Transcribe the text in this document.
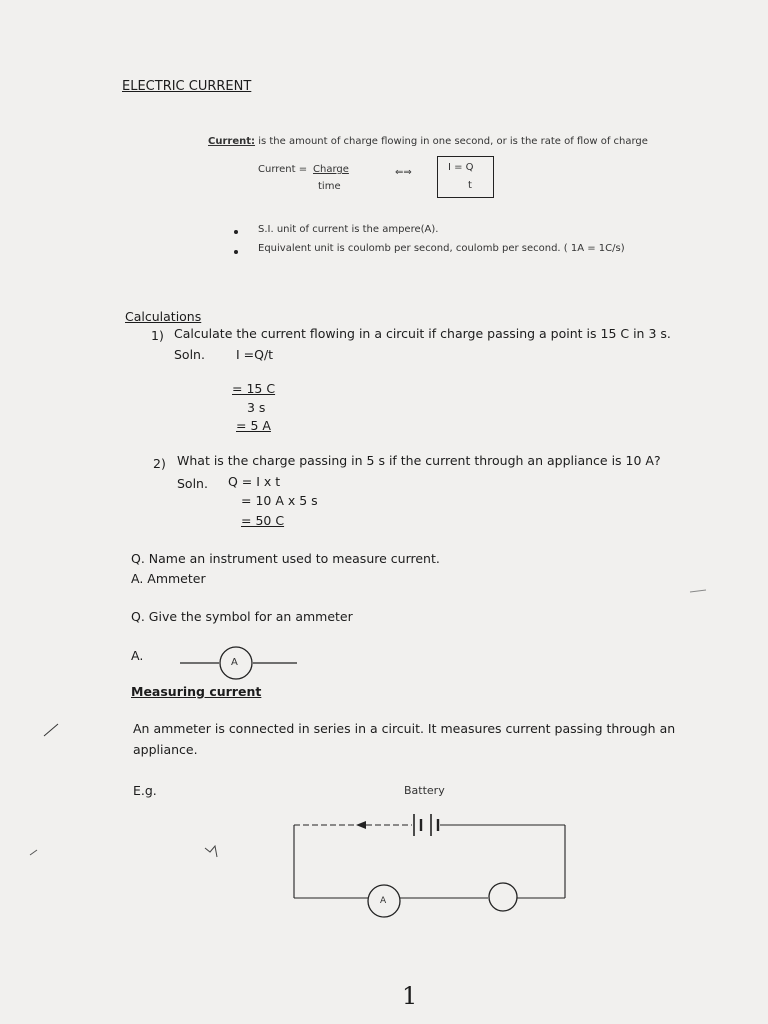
ELECTRIC CURRENT
Current: is the amount of charge flowing in one second, or is the rate of flow of charge
Current = Charge
time
⇐⇒	I = Q
t
S.I. unit of current is the ampere(A).
Equivalent unit is coulomb per second, coulomb per second. ( 1A = 1C/s)
Calculations
1) Calculate the current flowing in a circuit if charge passing a point is 15 C in 3 s.
Soln. I =Q/t
= 15 C
3 s
= 5 A
2) What is the charge passing in 5 s if the current through an appliance is 10 A?
Soln. Q = I x t
= 10 A x 5 s
= 50 C
Q. Name an instrument used to measure current.
A. Ammeter
Q. Give the symbol for an ammeter
A.	A
Measuring current
An ammeter is connected in series in a circuit. It measures current passing through an
appliance.
E.g.	Battery
A
1
